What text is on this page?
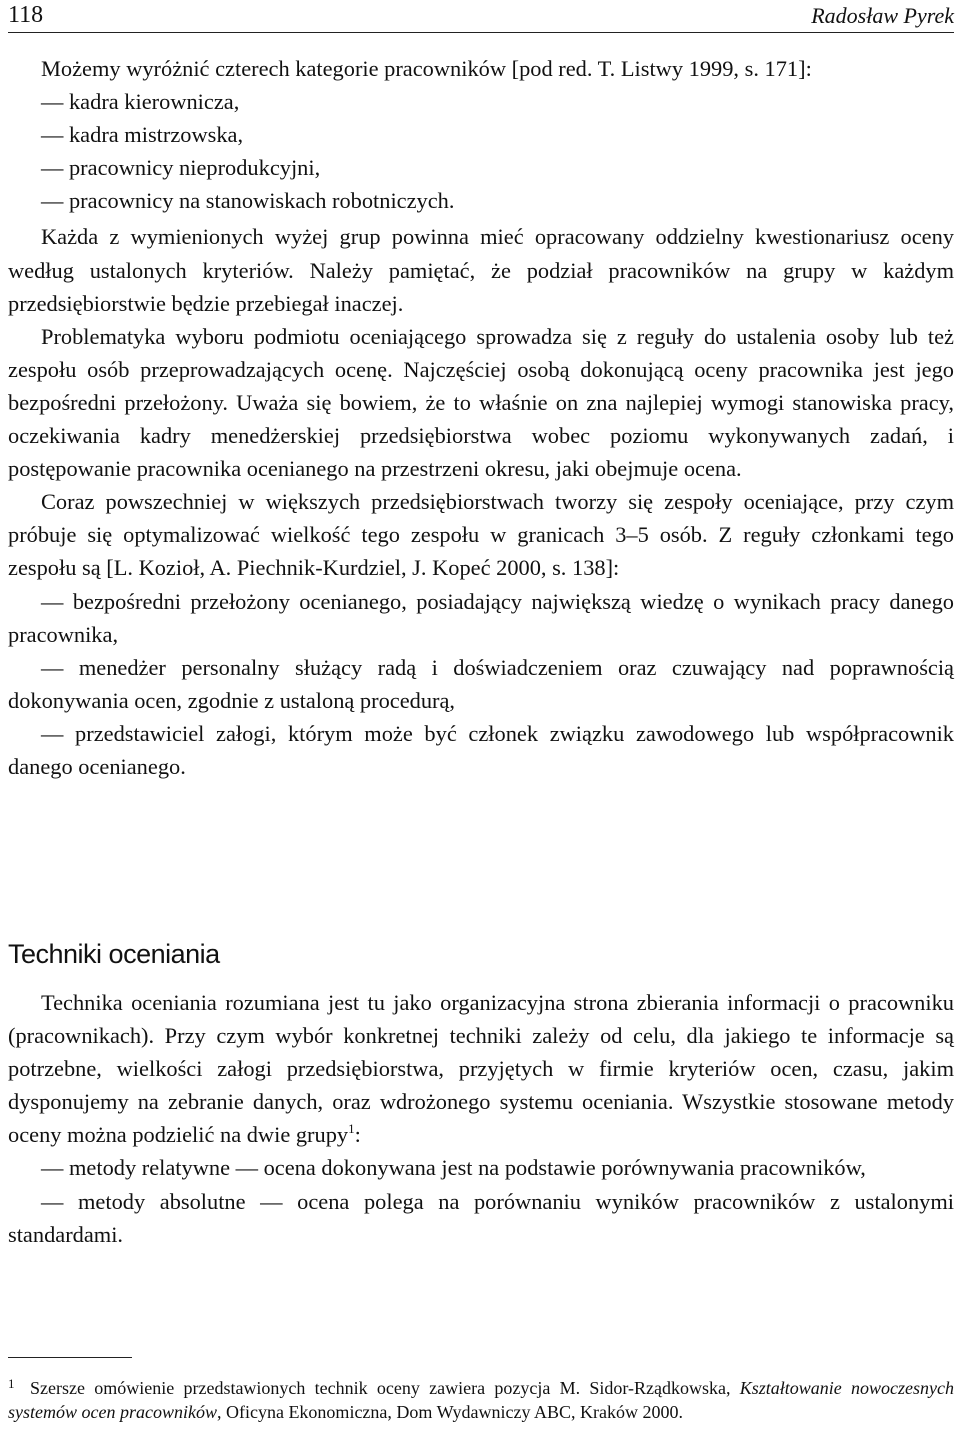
118	Radosław Pyrek

Możemy wyróżnić czterech kategorie pracowników [pod red. T. Listwy 1999, s. 171]:

— kadra kierownicza,

— kadra mistrzowska,

— pracownicy nieprodukcyjni,

— pracownicy na stanowiskach robotniczych.

Każda z wymienionych wyżej grup powinna mieć opracowany oddzielny kwestionariusz oceny według ustalonych kryteriów. Należy pamiętać, że podział pracowników na grupy w każdym przedsiębiorstwie będzie przebiegał inaczej.

Problematyka wyboru podmiotu oceniającego sprowadza się z reguły do ustalenia osoby lub też zespołu osób przeprowadzających ocenę. Najczęściej osobą dokonującą oceny pracownika jest jego bezpośredni przełożony. Uważa się bowiem, że to właśnie on zna najlepiej wymogi stanowiska pracy, oczekiwania kadry menedżerskiej przedsiębiorstwa wobec poziomu wykonywanych zadań, i postępowanie pracownika ocenianego na przestrzeni okresu, jaki obejmuje ocena.

Coraz powszechniej w większych przedsiębiorstwach tworzy się zespoły oceniające, przy czym próbuje się optymalizować wielkość tego zespołu w granicach 3–5 osób. Z reguły członkami tego zespołu są [L. Kozioł, A. Piechnik-Kurdziel, J. Kopeć 2000, s. 138]:

— bezpośredni przełożony ocenianego, posiadający największą wiedzę o wynikach pracy danego pracownika,

— menedżer personalny służący radą i doświadczeniem oraz czuwający nad poprawnością dokonywania ocen, zgodnie z ustaloną procedurą,

— przedstawiciel załogi, którym może być członek związku zawodowego lub współpracownik danego ocenianego.

Techniki oceniania

Technika oceniania rozumiana jest tu jako organizacyjna strona zbierania informacji o pracowniku (pracownikach). Przy czym wybór konkretnej techniki zależy od celu, dla jakiego te informacje są potrzebne, wielkości załogi przedsiębiorstwa, przyjętych w firmie kryteriów ocen, czasu, jakim dysponujemy na zebranie danych, oraz wdrożonego systemu oceniania. Wszystkie stosowane metody oceny można podzielić na dwie grupy$^1$:

— metody relatywne — ocena dokonywana jest na podstawie porównywania pracowników,

— metody absolutne — ocena polega na porównaniu wyników pracowników z ustalonymi standardami.

1 Szersze omówienie przedstawionych technik oceny zawiera pozycja M. Sidor-Rządkowska, Kształtowanie nowoczesnych systemów ocen pracowników, Oficyna Ekonomiczna, Dom Wydawniczy ABC, Kraków 2000.
